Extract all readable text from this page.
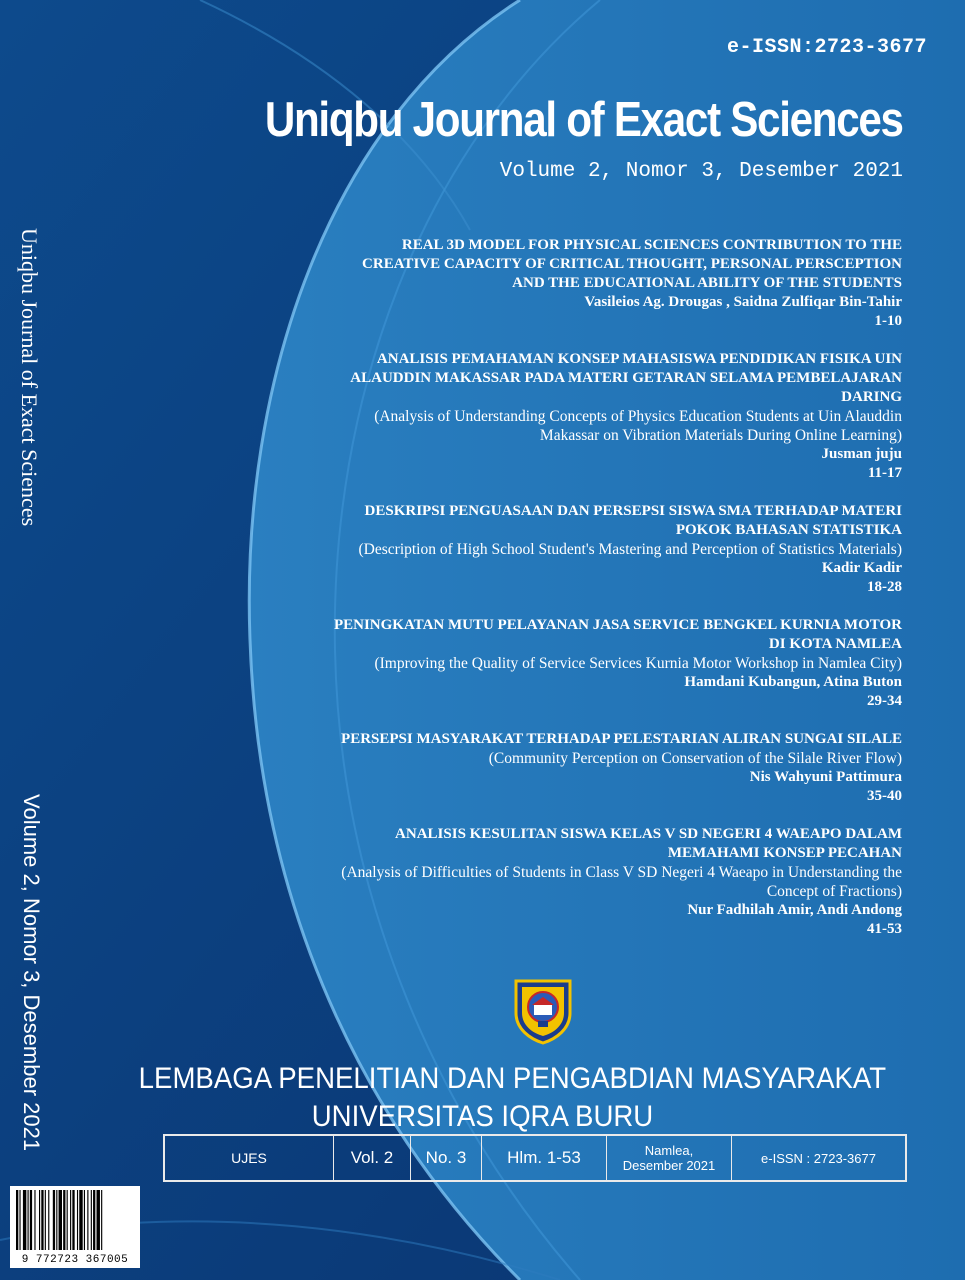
e-ISSN:2723-3677
Uniqbu Journal of Exact Sciences
Volume 2, Nomor 3, Desember 2021
Uniqbu Journal of Exact Sciences
Volume 2, Nomor 3, Desember 2021
REAL 3D MODEL FOR PHYSICAL SCIENCES CONTRIBUTION TO THE
CREATIVE CAPACITY OF CRITICAL THOUGHT, PERSONAL PERSCEPTION
AND THE EDUCATIONAL ABILITY OF THE STUDENTS
Vasileios Ag. Drougas , Saidna Zulfiqar Bin-Tahir
1-10
ANALISIS PEMAHAMAN KONSEP MAHASISWA PENDIDIKAN FISIKA UIN
ALAUDDIN MAKASSAR PADA MATERI GETARAN SELAMA PEMBELAJARAN
DARING
(Analysis of Understanding Concepts of Physics Education Students at Uin Alauddin
Makassar on Vibration Materials During Online Learning)
Jusman juju
11-17
DESKRIPSI PENGUASAAN DAN PERSEPSI SISWA SMA TERHADAP MATERI
POKOK BAHASAN STATISTIKA
(Description of High School Student's Mastering and Perception of Statistics Materials)
Kadir Kadir
18-28
PENINGKATAN MUTU PELAYANAN JASA SERVICE BENGKEL KURNIA MOTOR
DI KOTA NAMLEA
(Improving the Quality of Service Services Kurnia Motor Workshop in Namlea City)
Hamdani Kubangun, Atina Buton
29-34
PERSEPSI MASYARAKAT TERHADAP PELESTARIAN ALIRAN SUNGAI SILALE
(Community Perception on Conservation of the Silale River Flow)
Nis Wahyuni Pattimura
35-40
ANALISIS KESULITAN SISWA KELAS V SD NEGERI 4 WAEAPO DALAM
MEMAHAMI KONSEP PECAHAN
(Analysis of Difficulties of Students in Class V SD Negeri 4 Waeapo in Understanding the
Concept of Fractions)
Nur Fadhilah Amir, Andi Andong
41-53
LEMBAGA PENELITIAN DAN PENGABDIAN MASYARAKAT
UNIVERSITAS IQRA BURU
UJES	Vol. 2	No. 3	Hlm. 1-53	Namlea,
Desember 2021	e-ISSN : 2723-3677
9 772723 367005
